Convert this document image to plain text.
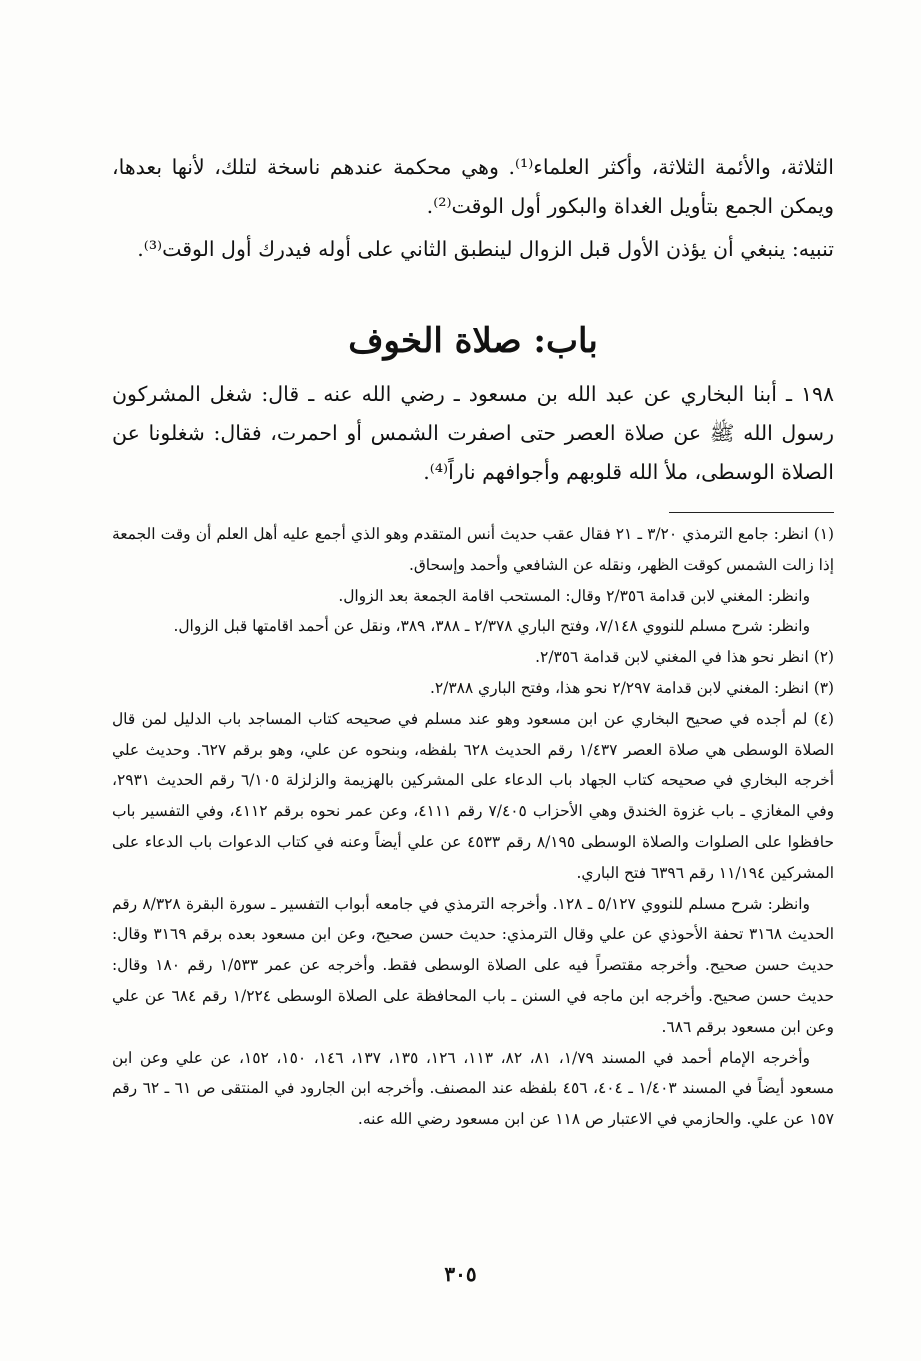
الثلاثة، والأئمة الثلاثة، وأكثر العلماء⁽¹⁾. وهي محكمة عندهم ناسخة لتلك، لأنها بعدها، ويمكن الجمع بتأويل الغداة والبكور أول الوقت⁽²⁾.

تنبيه: ينبغي أن يؤذن الأول قبل الزوال لينطبق الثاني على أوله فيدرك أول الوقت⁽³⁾.

باب: صلاة الخوف

١٩٨ ـ أبنا البخاري عن عبد الله بن مسعود ـ رضي الله عنه ـ قال: شغل المشركون رسول الله ﷺ عن صلاة العصر حتى اصفرت الشمس أو احمرت، فقال: شغلونا عن الصلاة الوسطى، ملأ الله قلوبهم وأجوافهم ناراً⁽⁴⁾.

(١) انظر: جامع الترمذي ٣/٢٠ ـ ٢١ فقال عقب حديث أنس المتقدم وهو الذي أجمع عليه أهل العلم أن وقت الجمعة إذا زالت الشمس كوقت الظهر، ونقله عن الشافعي وأحمد وإسحاق.

وانظر: المغني لابن قدامة ٢/٣٥٦ وقال: المستحب اقامة الجمعة بعد الزوال.

وانظر: شرح مسلم للنووي ٧/١٤٨، وفتح الباري ٢/٣٧٨ ـ ٣٨٨، ٣٨٩، ونقل عن أحمد اقامتها قبل الزوال.

(٢) انظر نحو هذا في المغني لابن قدامة ٢/٣٥٦.

(٣) انظر: المغني لابن قدامة ٢/٢٩٧ نحو هذا، وفتح الباري ٢/٣٨٨.

(٤) لم أجده في صحيح البخاري عن ابن مسعود وهو عند مسلم في صحيحه كتاب المساجد باب الدليل لمن قال الصلاة الوسطى هي صلاة العصر ١/٤٣٧ رقم الحديث ٦٢٨ بلفظه، وبنحوه عن علي، وهو برقم ٦٢٧. وحديث علي أخرجه البخاري في صحيحه كتاب الجهاد باب الدعاء على المشركين بالهزيمة والزلزلة ٦/١٠٥ رقم الحديث ٢٩٣١، وفي المغازي ـ باب غزوة الخندق وهي الأحزاب ٧/٤٠٥ رقم ٤١١١، وعن عمر نحوه برقم ٤١١٢، وفي التفسير باب حافظوا على الصلوات والصلاة الوسطى ٨/١٩٥ رقم ٤٥٣٣ عن علي أيضاً وعنه في كتاب الدعوات باب الدعاء على المشركين ١١/١٩٤ رقم ٦٣٩٦ فتح الباري.

وانظر: شرح مسلم للنووي ٥/١٢٧ ـ ١٢٨. وأخرجه الترمذي في جامعه أبواب التفسير ـ سورة البقرة ٨/٣٢٨ رقم الحديث ٣١٦٨ تحفة الأحوذي عن علي وقال الترمذي: حديث حسن صحيح، وعن ابن مسعود بعده برقم ٣١٦٩ وقال: حديث حسن صحيح. وأخرجه مقتصراً فيه على الصلاة الوسطى فقط. وأخرجه عن عمر ١/٥٣٣ رقم ١٨٠ وقال: حديث حسن صحيح. وأخرجه ابن ماجه في السنن ـ باب المحافظة على الصلاة الوسطى ١/٢٢٤ رقم ٦٨٤ عن علي وعن ابن مسعود برقم ٦٨٦.

وأخرجه الإمام أحمد في المسند ١/٧٩، ٨١، ٨٢، ١١٣، ١٢٦، ١٣٥، ١٣٧، ١٤٦، ١٥٠، ١٥٢، عن علي وعن ابن مسعود أيضاً في المسند ١/٤٠٣ ـ ٤٠٤، ٤٥٦ بلفظه عند المصنف. وأخرجه ابن الجارود في المنتقى ص ٦١ ـ ٦٢ رقم ١٥٧ عن علي. والحازمي في الاعتبار ص ١١٨ عن ابن مسعود رضي الله عنه.

٣٠٥
